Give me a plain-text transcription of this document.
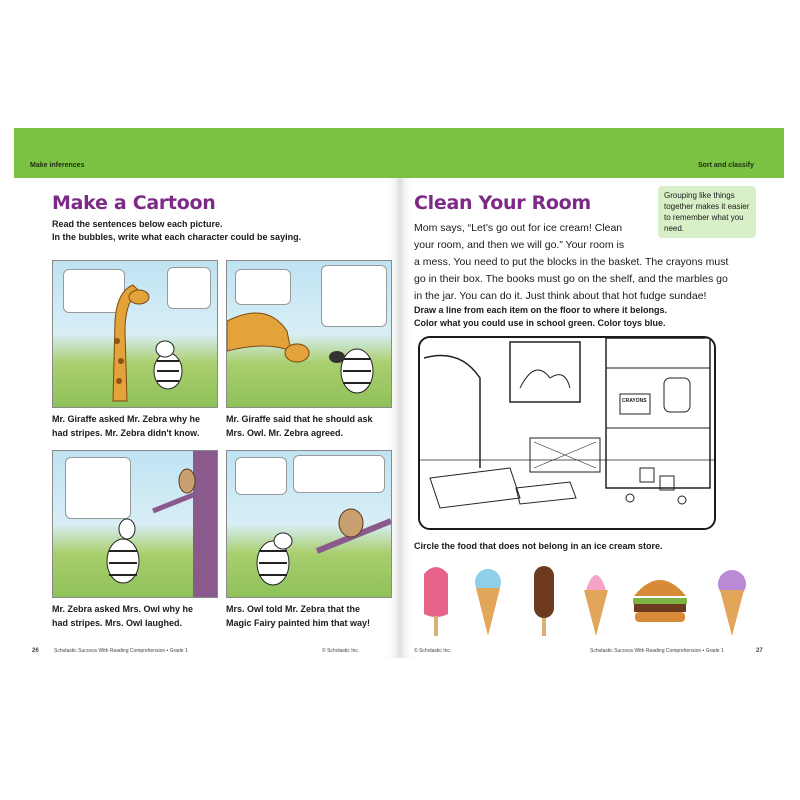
Make inferences
Make a Cartoon
Read the sentences below each picture.
In the bubbles, write what each character could be saying.
Mr. Giraffe asked Mr. Zebra why he
had stripes. Mr. Zebra didn't know.
Mr. Giraffe said that he should ask
Mrs. Owl. Mr. Zebra agreed.
Mr. Zebra asked Mrs. Owl why he
had stripes. Mrs. Owl laughed.
Mrs. Owl told Mr. Zebra that the
Magic Fairy painted him that way!
26	Scholastic Success With Reading Comprehension • Grade 1	© Scholastic Inc.
Sort and classify
Clean Your Room	Grouping like things together makes it easier to remember what you need.
Mom says, “Let’s go out for ice cream! Clean
your room, and then we will go.” Your room is
a mess. You need to put the blocks in the basket. The crayons must
go in their box. The books must go on the shelf, and the marbles go
in the jar. You can do it. Just think about that hot fudge sundae!
Draw a line from each item on the floor to where it belongs.
Color what you could use in school green. Color toys blue.
CRAYONS
Circle the food that does not belong in an ice cream store.
© Scholastic Inc.	Scholastic Success With Reading Comprehension • Grade 1	27
